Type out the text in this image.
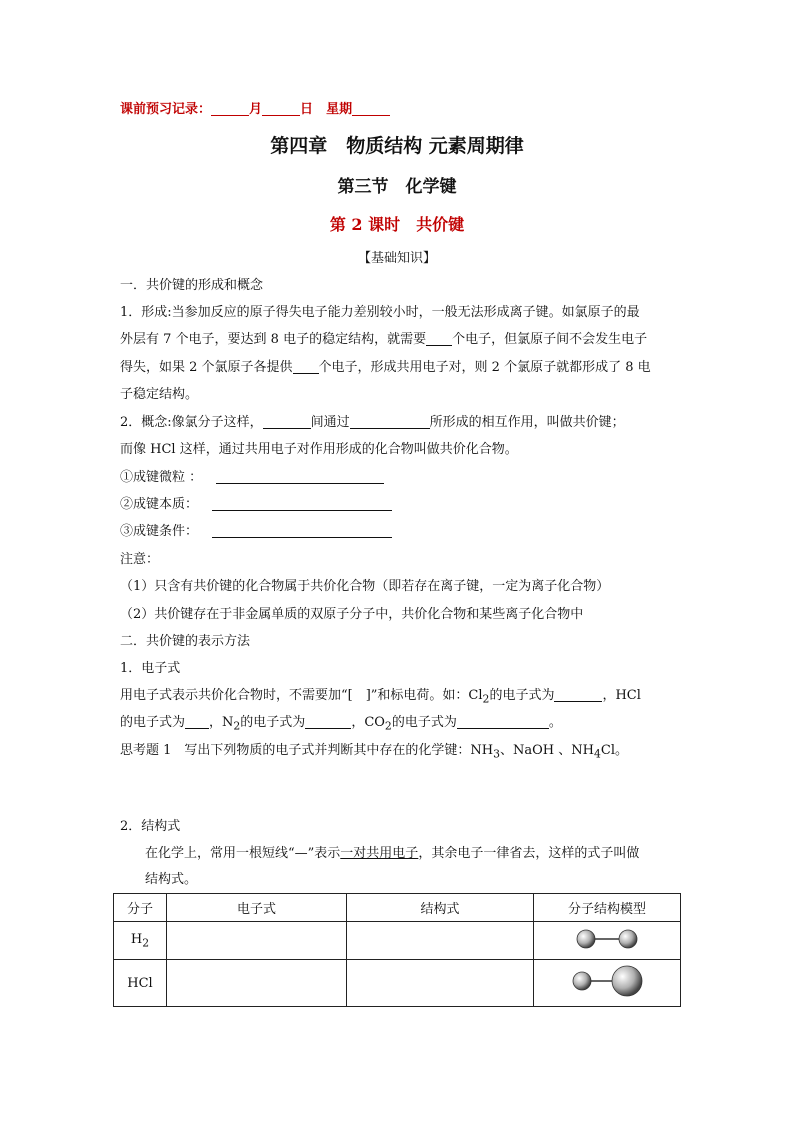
课前预习记录：	月	日　 星期
第四章　物质结构 元素周期律
第三节　化学键
第 2 课时　共价键
【基础知识】
一．共价键的形成和概念
1．形成:当参加反应的原子得失电子能力差别较小时，一般无法形成离子键。如氯原子的最
外层有 7 个电子，要达到 8 电子的稳定结构，就需要 个电子，但氯原子间不会发生电子
得失，如果 2 个氯原子各提供 个电子，形成共用电子对，则 2 个氯原子就都形成了 8 电
子稳定结构。
2．概念:像氯分子这样，	间通过	所形成的相互作用，叫做共价键；
而像 HCl 这样，通过共用电子对作用形成的化合物叫做共价化合物。
①成键微粒 ：
②成键本质：
③成键条件：
注意：
（1）只含有共价键的化合物属于共价化合物（即若存在离子键，一定为离子化合物）
（2）共价键存在于非金属单质的双原子分子中，共价化合物和某些离子化合物中
二．共价键的表示方法
1．电子式
用电子式表示共价化合物时，不需要加“[　]”和标电荷。如：$Cl_2$的电子式为	，HCl
的电子式为 ，$N_2$的电子式为	，$CO_2$的电子式为	。
思考题 1　写出下列物质的电子式并判断其中存在的化学键：$NH_3$、NaOH 、$NH_4Cl$。
2．结构式
在化学上，常用一根短线“—”表示一对共用电子，其余电子一律省去，这样的式子叫做
结构式。
分子	电子式	结构式	分子结构模型
$H_2$			
HCl			
